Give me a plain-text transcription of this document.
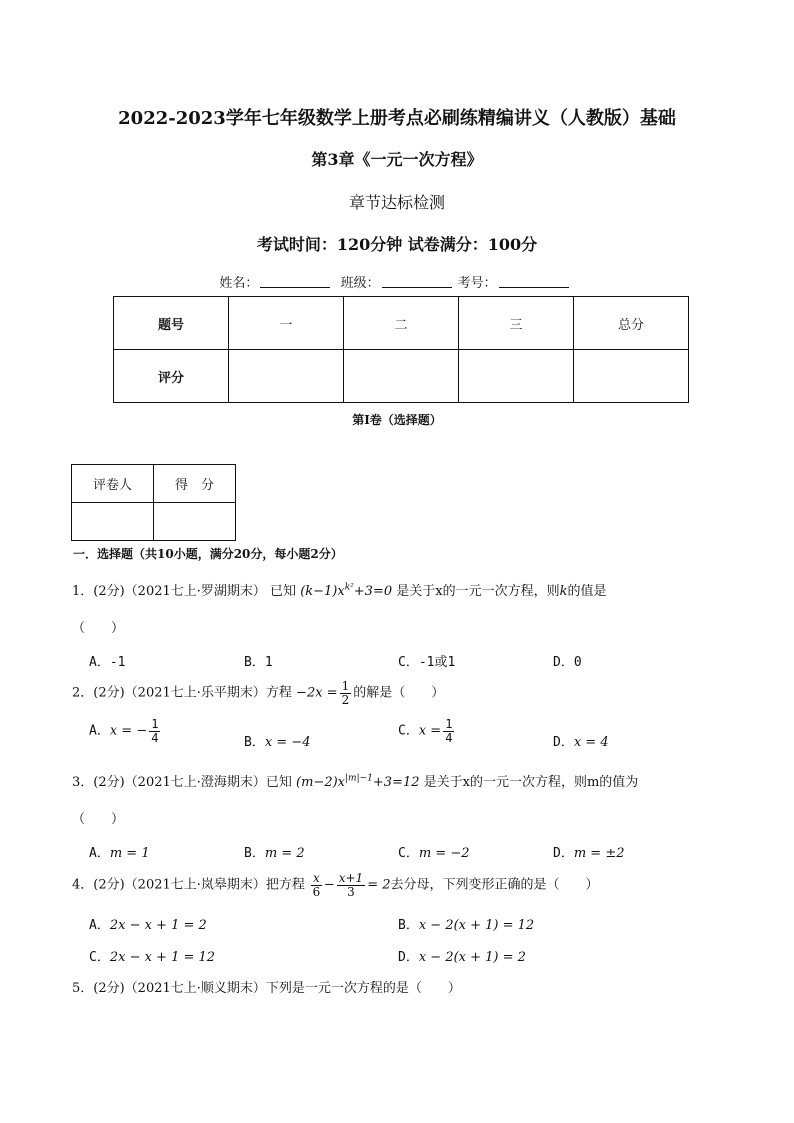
2022-2023学年七年级数学上册考点必刷练精编讲义（人教版）基础
第3章《一元一次方程》
章节达标检测
考试时间：120分钟 试卷满分：100分
姓名：	班级：	考号：
题号	一	二	三	总分
评分				
第Ⅰ卷（选择题）
评卷人	得　分

一．选择题（共10小题，满分20分，每小题2分）
1．(2分)（2021七上·罗湖期末） 已知 $(k-1)x^{k^2}+3=0$ 是关于x的一元一次方程，则k的值是
（　　）
A．-1	B．1	C．-1或1	D．0
2．(2分)（2021七上·乐平期末）方程 $-2x = \frac{1}{2}$ 的解是（　　）
A．x = − $\frac{1}{4}$	B．x = −4
C．$x = \frac{1}{4}$	D．x = 4
3．(2分)（2021七上·澄海期末）已知 $(m-2)x^{|m|-1}+3=12$ 是关于x的一元一次方程，则m的值为
（　　）
A．m = 1	B．m = 2	C．m = −2	D．m = ±2
4．(2分)（2021七上·岚皋期末）把方程 $\frac{x}{6} - \frac{x+1}{3} = 2$去分母，下列变形正确的是（　　）
A．2x − x + 1 = 2	B．x − 2(x + 1) = 12
C．2x − x + 1 = 12	D．x − 2(x + 1) = 2
5．(2分)（2021七上·顺义期末）下列是一元一次方程的是（　　）
